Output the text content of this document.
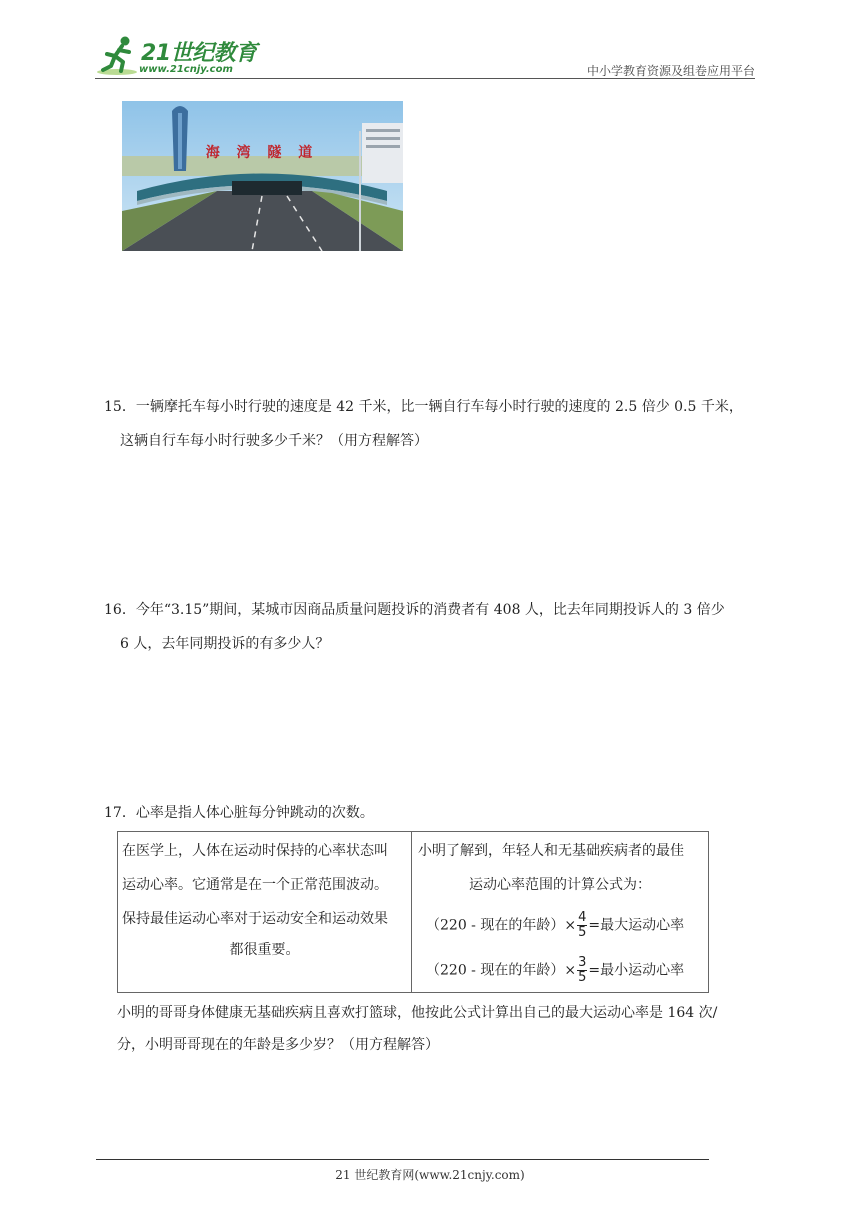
21世纪教育
www.21cnjy.com	中小学教育资源及组卷应用平台
海 湾 隧 道
15．一辆摩托车每小时行驶的速度是 42 千米，比一辆自行车每小时行驶的速度的 2.5 倍少 0.5 千米，
这辆自行车每小时行驶多少千米？（用方程解答）
16．今年“3.15”期间，某城市因商品质量问题投诉的消费者有 408 人，比去年同期投诉人的 3 倍少
6 人，去年同期投诉的有多少人？
17．心率是指人体心脏每分钟跳动的次数。
在医学上，人体在运动时保持的心率状态叫
运动心率。它通常是在一个正常范围波动。
保持最佳运动心率对于运动安全和运动效果
都很重要。
小明了解到，年轻人和无基础疾病者的最佳
运动心率范围的计算公式为：
（220 - 现在的年龄）× $\frac{4}{5}$ =最大运动心率
（220 - 现在的年龄）× $\frac{3}{5}$ =最小运动心率
小明的哥哥身体健康无基础疾病且喜欢打篮球，他按此公式计算出自己的最大运动心率是 164 次/
分，小明哥哥现在的年龄是多少岁？（用方程解答）
21 世纪教育网(www.21cnjy.com)
